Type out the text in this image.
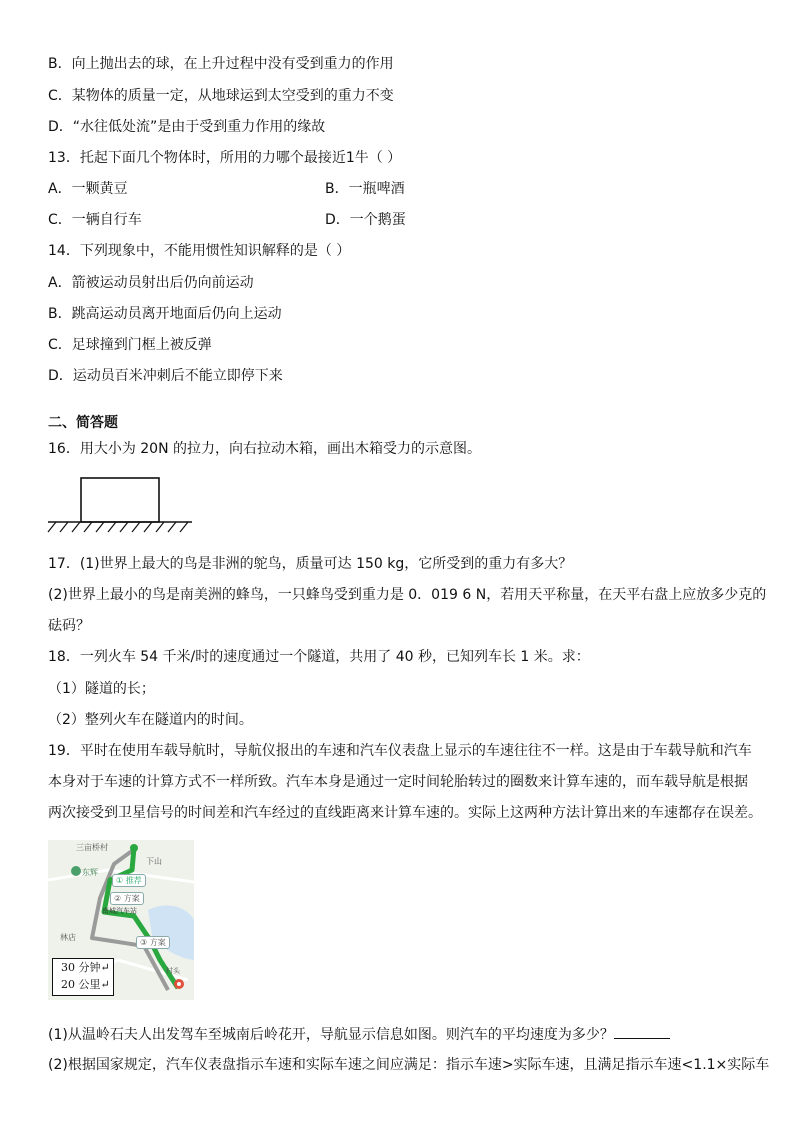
B．向上抛出去的球，在上升过程中没有受到重力的作用
C．某物体的质量一定，从地球运到太空受到的重力不变
D．“水往低处流”是由于受到重力作用的缘故
13．托起下面几个物体时，所用的力哪个最接近1牛（ ）
A．一颗黄豆	B．一瓶啤酒
C．一辆自行车	D．一个鹅蛋
14．下列现象中，不能用惯性知识解释的是（ ）
A．箭被运动员射出后仍向前运动
B．跳高运动员离开地面后仍向上运动
C．足球撞到门框上被反弹
D．运动员百米冲刺后不能立即停下来
二、简答题
16．用大小为 20N 的拉力，向右拉动木箱，画出木箱受力的示意图。
17．(1)世界上最大的鸟是非洲的鸵鸟，质量可达 150 kg，它所受到的重力有多大？
(2)世界上最小的鸟是南美洲的蜂鸟，一只蜂鸟受到重力是 0．019 6 N，若用天平称量，在天平右盘上应放多少克的
砝码？
18．一列火车 54 千米/时的速度通过一个隧道，共用了 40 秒，已知列车长 1 米。求：
（1）隧道的长；
（2）整列火车在隧道内的时间。
19．平时在使用车载导航时，导航仪报出的车速和汽车仪表盘上显示的车速往往不一样。这是由于车载导航和汽车
本身对于车速的计算方式不一样所致。汽车本身是通过一定时间轮胎转过的圈数来计算车速的，而车载导航是根据
两次接受到卫星信号的时间差和汽车经过的直线距离来计算车速的。实际上这两种方法计算出来的车速都存在误差。
三亩桥村
东辉
下山
① 推荐
② 方案
南城汽车站
③ 方案
林店
村头
30 分钟↵
20 公里↵
(1)从温岭石夫人出发驾车至城南后岭花开，导航显示信息如图。则汽车的平均速度为多少？
(2)根据国家规定，汽车仪表盘指示车速和实际车速之间应满足：指示车速>实际车速，且满足指示车速<1.1×实际车
